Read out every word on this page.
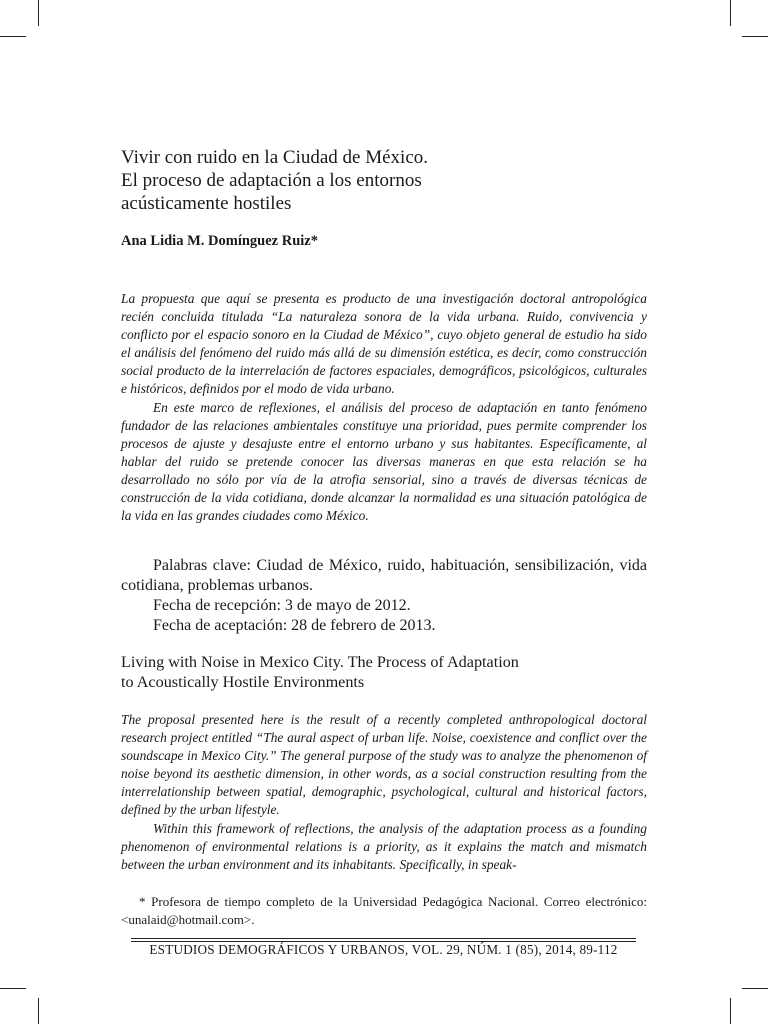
Vivir con ruido en la Ciudad de México.
El proceso de adaptación a los entornos
acústicamente hostiles
Ana Lidia M. Domínguez Ruiz*

La propuesta que aquí se presenta es producto de una investigación doctoral antropológica recién concluida titulada “La naturaleza sonora de la vida urbana. Ruido, convivencia y conflicto por el espacio sonoro en la Ciudad de México”, cuyo objeto general de estudio ha sido el análisis del fenómeno del ruido más allá de su dimensión estética, es decir, como construcción social producto de la interrelación de factores espaciales, demográficos, psicológicos, culturales e históricos, definidos por el modo de vida urbano.

En este marco de reflexiones, el análisis del proceso de adaptación en tanto fenómeno fundador de las relaciones ambientales constituye una prioridad, pues permite comprender los procesos de ajuste y desajuste entre el entorno urbano y sus habitantes. Específicamente, al hablar del ruido se pretende conocer las diversas maneras en que esta relación se ha desarrollado no sólo por vía de la atrofia sensorial, sino a través de diversas técnicas de construcción de la vida cotidiana, donde alcanzar la normalidad es una situación patológica de la vida en las grandes ciudades como México.

Palabras clave: Ciudad de México, ruido, habituación, sensibilización, vida cotidiana, problemas urbanos.

Fecha de recepción: 3 de mayo de 2012.

Fecha de aceptación: 28 de febrero de 2013.

Living with Noise in Mexico City. The Process of Adaptation
to Acoustically Hostile Environments

The proposal presented here is the result of a recently completed anthropological doctoral research project entitled “The aural aspect of urban life. Noise, coexistence and conflict over the soundscape in Mexico City.” The general purpose of the study was to analyze the phenomenon of noise beyond its aesthetic dimension, in other words, as a social construction resulting from the interrelationship between spatial, demographic, psychological, cultural and historical factors, defined by the urban lifestyle.

Within this framework of reflections, the analysis of the adaptation process as a founding phenomenon of environmental relations is a priority, as it explains the match and mismatch between the urban environment and its inhabitants. Specifically, in speak-

* Profesora de tiempo completo de la Universidad Pedagógica Nacional. Correo electrónico: <unalaid@hotmail.com>.

ESTUDIOS DEMOGRÁFICOS Y URBANOS, VOL. 29, NÚM. 1 (85), 2014, 89-112
